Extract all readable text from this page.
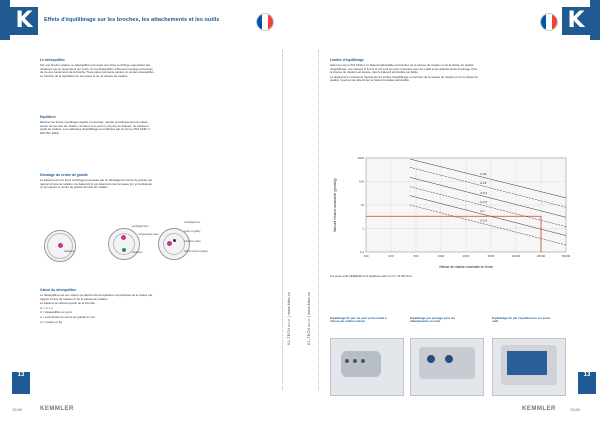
K	Effets d'équilibrage sur les broches, les attachements et les outils
Le déséquilibre

Sur une broche rotative, le déséquilibre provoque une force centrifuge engendrant des vibrations qui se répercutent sur l'outil. Un tel déséquilibre influence l'usinage et la durée de vie des roulements de la broche. Toute pièce tournante génère un certain déséquilibre en fonction de la répartition de sa masse et de sa vitesse de rotation.

Equilibrer

Eliminer les forces centrifuges signifie compenser, répartir symétriquement la masse autour de son axe de rotation, de façon à ce qu'il n'y ait plus de balourd, ou réduire le poids de matière. Les méthodes d'équilibrage sont définies par la norme (ISO 1940-1 / DIN ISO 1940).

Décalage du centre de gravité

Le balourd est une force centrifuge provoquée par un décalage du centre de gravité par rapport à l'axe de rotation. Ce balourd (U) est déterminé par la masse (m) et la distance (r) qui sépare le centre de gravité de l'axe de rotation.

imbalance
centrifugal force
compensating mass
imbalance
centrifugal force
center of gravity
imbalance mass
shift of center of gravity
Calcul du déséquilibre

Le déséquilibre est une valeur qui dépend de la répartition asymétrique de la masse par rapport à l'axe de rotation et de la vitesse de rotation.

Le balourd se calcule à partir de la formule :

U = m × e

U = déséquilibre en gmm

e = excentricité du centre de gravité en μm

m = masse en kg	KL-TECH s.r.o. | www.kltec.cz
13
13.59	KEMMLER
K
KL-TECH s.r.o. | www.kltec.cz
Limites d'équilibrage

Selon la norme ISO 1940-1, le balourd admissible est fonction de la vitesse de rotation et de la classe de qualité d'équilibrage. Les classes G 6,3 et G 2,5 sont les plus courantes pour les outils et les attachements d'usinage. Plus la vitesse de rotation est élevée, plus le balourd admissible est faible.

Le diagramme ci-dessous représente les limites d'équilibrage en fonction de la vitesse de rotation et de la classe de qualité. Il permet de déterminer le balourd résiduel admissible.

100	200	500	1000	2000	5000	10000	20000	50000
0,1
1
10
100
1000
Vitesse de rotation maximale en tr/min
Balourd résiduel admissible (gmm/kg)
G 40
G 16
G 6,3
G 2,5
G 1
G 0,4
Les porte-outils KEMMLER sont équilibrés selon G 2,5 / 15 000 t/min.
Equilibrage fin par vis pour porte-outils à vitesse de rotation élevée
Equilibrage par perçage pour les attachements en série
Equilibrage fin par l'équilibreuse sur porte-outil
13
13.60
KEMMLER
